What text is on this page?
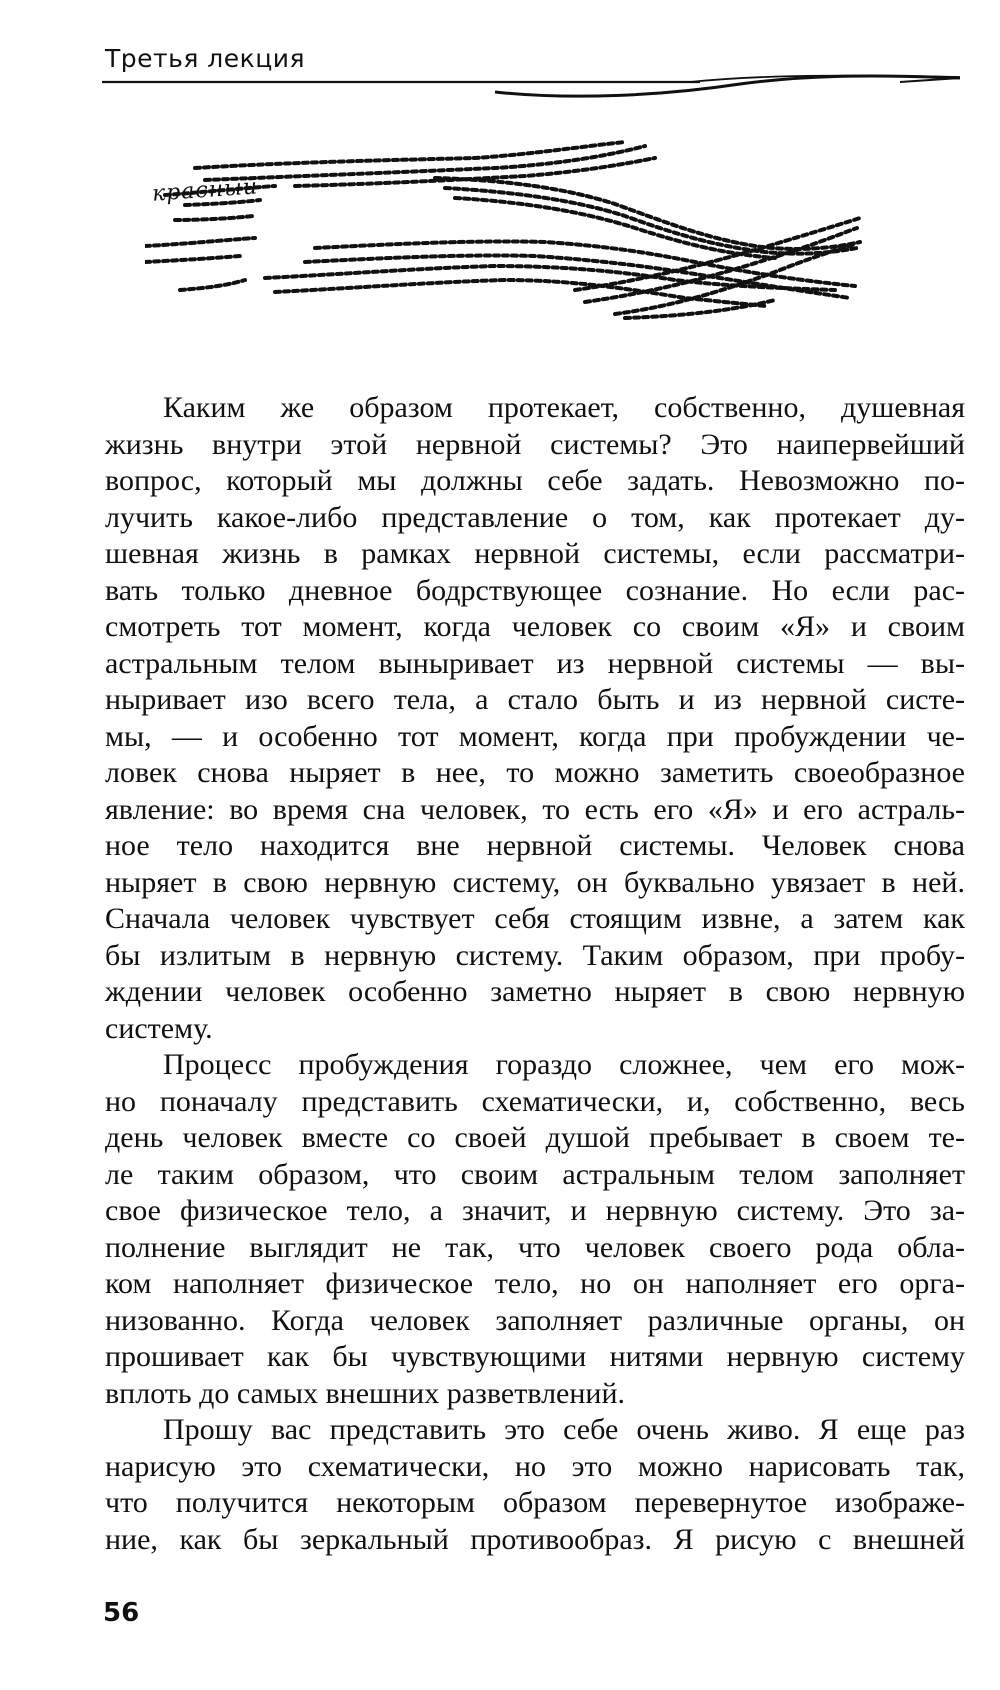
Третья лекция
красный
Каким же образом протекает, собственно, душевная
жизнь внутри этой нервной системы? Это наипервейший
вопрос, который мы должны себе задать. Невозможно по-
лучить какое-либо представление о том, как протекает ду-
шевная жизнь в рамках нервной системы, если рассматри-
вать только дневное бодрствующее сознание. Но если рас-
смотреть тот момент, когда человек со своим «Я» и своим
астральным телом выныривает из нервной системы — вы-
ныривает изо всего тела, а стало быть и из нервной систе-
мы, — и особенно тот момент, когда при пробуждении че-
ловек снова ныряет в нее, то можно заметить своеобразное
явление: во время сна человек, то есть его «Я» и его астраль-
ное тело находится вне нервной системы. Человек снова
ныряет в свою нервную систему, он буквально увязает в ней.
Сначала человек чувствует себя стоящим извне, а затем как
бы излитым в нервную систему. Таким образом, при пробу-
ждении человек особенно заметно ныряет в свою нервную
систему.
Процесс пробуждения гораздо сложнее, чем его мож-
но поначалу представить схематически, и, собственно, весь
день человек вместе со своей душой пребывает в своем те-
ле таким образом, что своим астральным телом заполняет
свое физическое тело, а значит, и нервную систему. Это за-
полнение выглядит не так, что человек своего рода обла-
ком наполняет физическое тело, но он наполняет его орга-
низованно. Когда человек заполняет различные органы, он
прошивает как бы чувствующими нитями нервную систему
вплоть до самых внешних разветвлений.
Прошу вас представить это себе очень живо. Я еще раз
нарисую это схематически, но это можно нарисовать так,
что получится некоторым образом перевернутое изображе-
ние, как бы зеркальный противообраз. Я рисую с внешней
56
